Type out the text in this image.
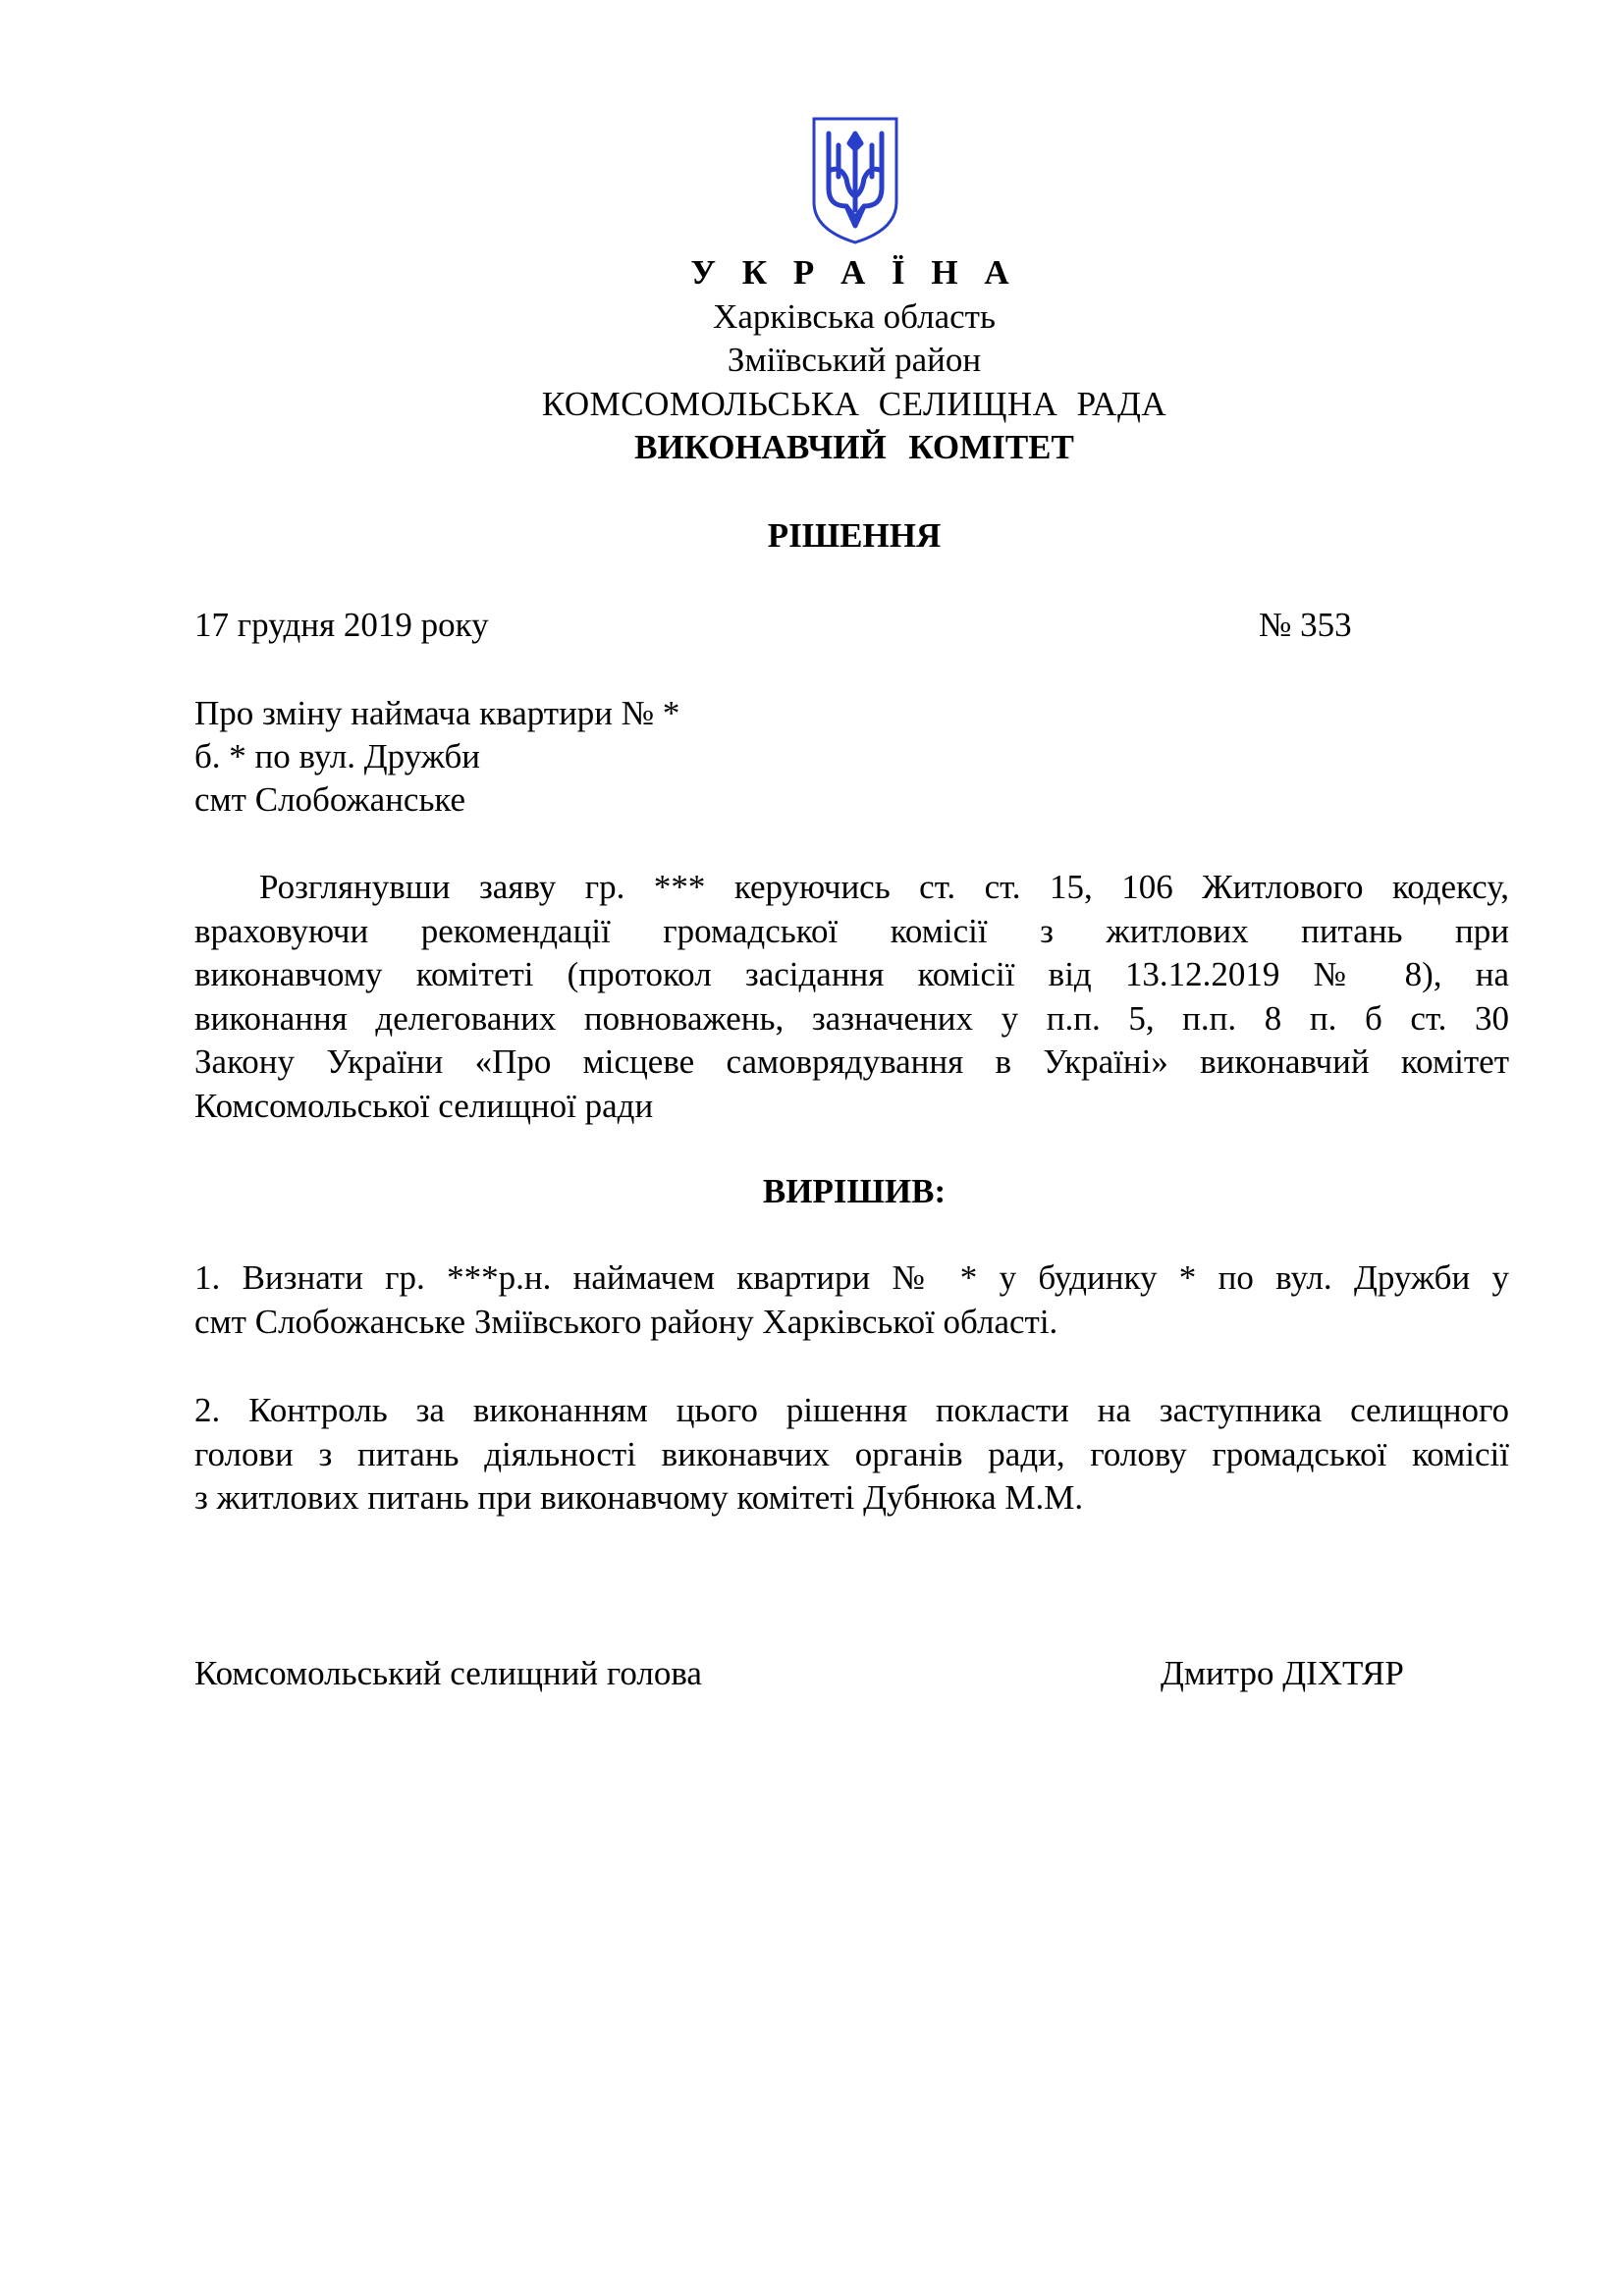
У К Р А Ї Н А
Харківська область
Зміївський район
КОМСОМОЛЬСЬКА СЕЛИЩНА РАДА
ВИКОНАВЧИЙ КОМІТЕТ
РІШЕННЯ
17 грудня 2019 року	№ 353
Про зміну наймача квартири № *
б. * по вул. Дружби
смт Слобожанське
Розглянувши заяву гр. *** керуючись ст. ст. 15, 106 Житлового кодексу,
враховуючи рекомендації громадської комісії з житлових питань при
виконавчому комітеті (протокол засідання комісії від 13.12.2019 № 8), на
виконання делегованих повноважень, зазначених у п.п. 5, п.п. 8 п. б ст. 30
Закону України «Про місцеве самоврядування в Україні» виконавчий комітет
Комсомольської селищної ради
ВИРІШИВ:
1. Визнати гр. ***р.н. наймачем квартири № * у будинку * по вул. Дружби у
смт Слобожанське Зміївського району Харківської області.
2. Контроль за виконанням цього рішення покласти на заступника селищного
голови з питань діяльності виконавчих органів ради, голову громадської комісії
з житлових питань при виконавчому комітеті Дубнюка М.М.
Комсомольський селищний голова	Дмитро ДІХТЯР
